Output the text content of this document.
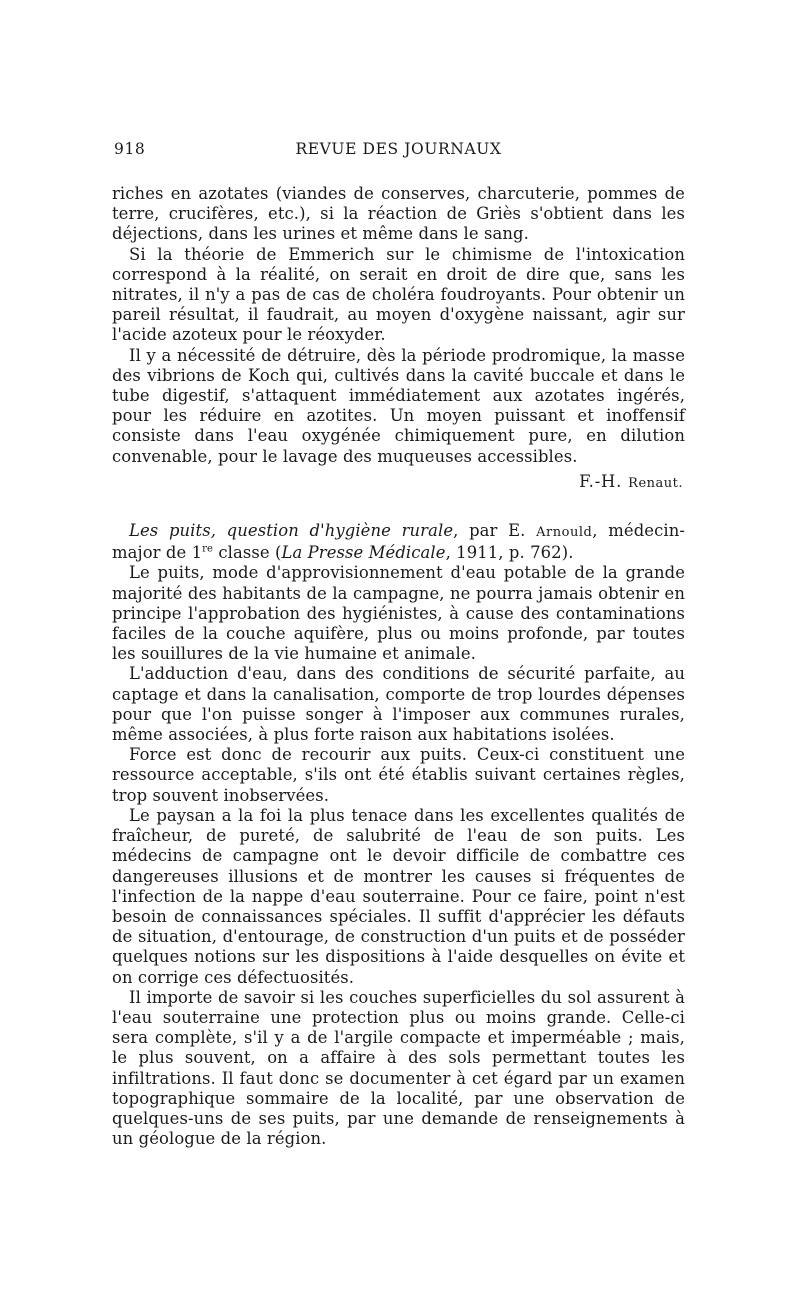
918	REVUE DES JOURNAUX

riches en azotates (viandes de conserves, charcuterie, pommes de terre, crucifères, etc.), si la réaction de Griès s'obtient dans les déjections, dans les urines et même dans le sang.

Si la théorie de Emmerich sur le chimisme de l'intoxication correspond à la réalité, on serait en droit de dire que, sans les nitrates, il n'y a pas de cas de choléra foudroyants. Pour obtenir un pareil résultat, il faudrait, au moyen d'oxygène naissant, agir sur l'acide azoteux pour le réoxyder.

Il y a nécessité de détruire, dès la période prodromique, la masse des vibrions de Koch qui, cultivés dans la cavité buccale et dans le tube digestif, s'attaquent immédiatement aux azotates ingérés, pour les réduire en azotites. Un moyen puissant et inoffensif consiste dans l'eau oxygénée chimiquement pure, en dilution convenable, pour le lavage des muqueuses accessibles.

F.-H. Renaut.

Les puits, question d'hygiène rurale, par E. Arnould, médecin-major de 1re classe (La Presse Médicale, 1911, p. 762).

Le puits, mode d'approvisionnement d'eau potable de la grande majorité des habitants de la campagne, ne pourra jamais obtenir en principe l'approbation des hygiénistes, à cause des contaminations faciles de la couche aquifère, plus ou moins profonde, par toutes les souillures de la vie humaine et animale.

L'adduction d'eau, dans des conditions de sécurité parfaite, au captage et dans la canalisation, comporte de trop lourdes dépenses pour que l'on puisse songer à l'imposer aux communes rurales, même associées, à plus forte raison aux habitations isolées.

Force est donc de recourir aux puits. Ceux-ci constituent une ressource acceptable, s'ils ont été établis suivant certaines règles, trop souvent inobservées.

Le paysan a la foi la plus tenace dans les excellentes qualités de fraîcheur, de pureté, de salubrité de l'eau de son puits. Les médecins de campagne ont le devoir difficile de combattre ces dangereuses illusions et de montrer les causes si fréquentes de l'infection de la nappe d'eau souterraine. Pour ce faire, point n'est besoin de connaissances spéciales. Il suffit d'apprécier les défauts de situation, d'entourage, de construction d'un puits et de posséder quelques notions sur les dispositions à l'aide desquelles on évite et on corrige ces défectuosités.

Il importe de savoir si les couches superficielles du sol assurent à l'eau souterraine une protection plus ou moins grande. Celle-ci sera complète, s'il y a de l'argile compacte et imperméable ; mais, le plus souvent, on a affaire à des sols permettant toutes les infiltrations. Il faut donc se documenter à cet égard par un examen topographique sommaire de la localité, par une observation de quelques-uns de ses puits, par une demande de renseignements à un géologue de la région.
